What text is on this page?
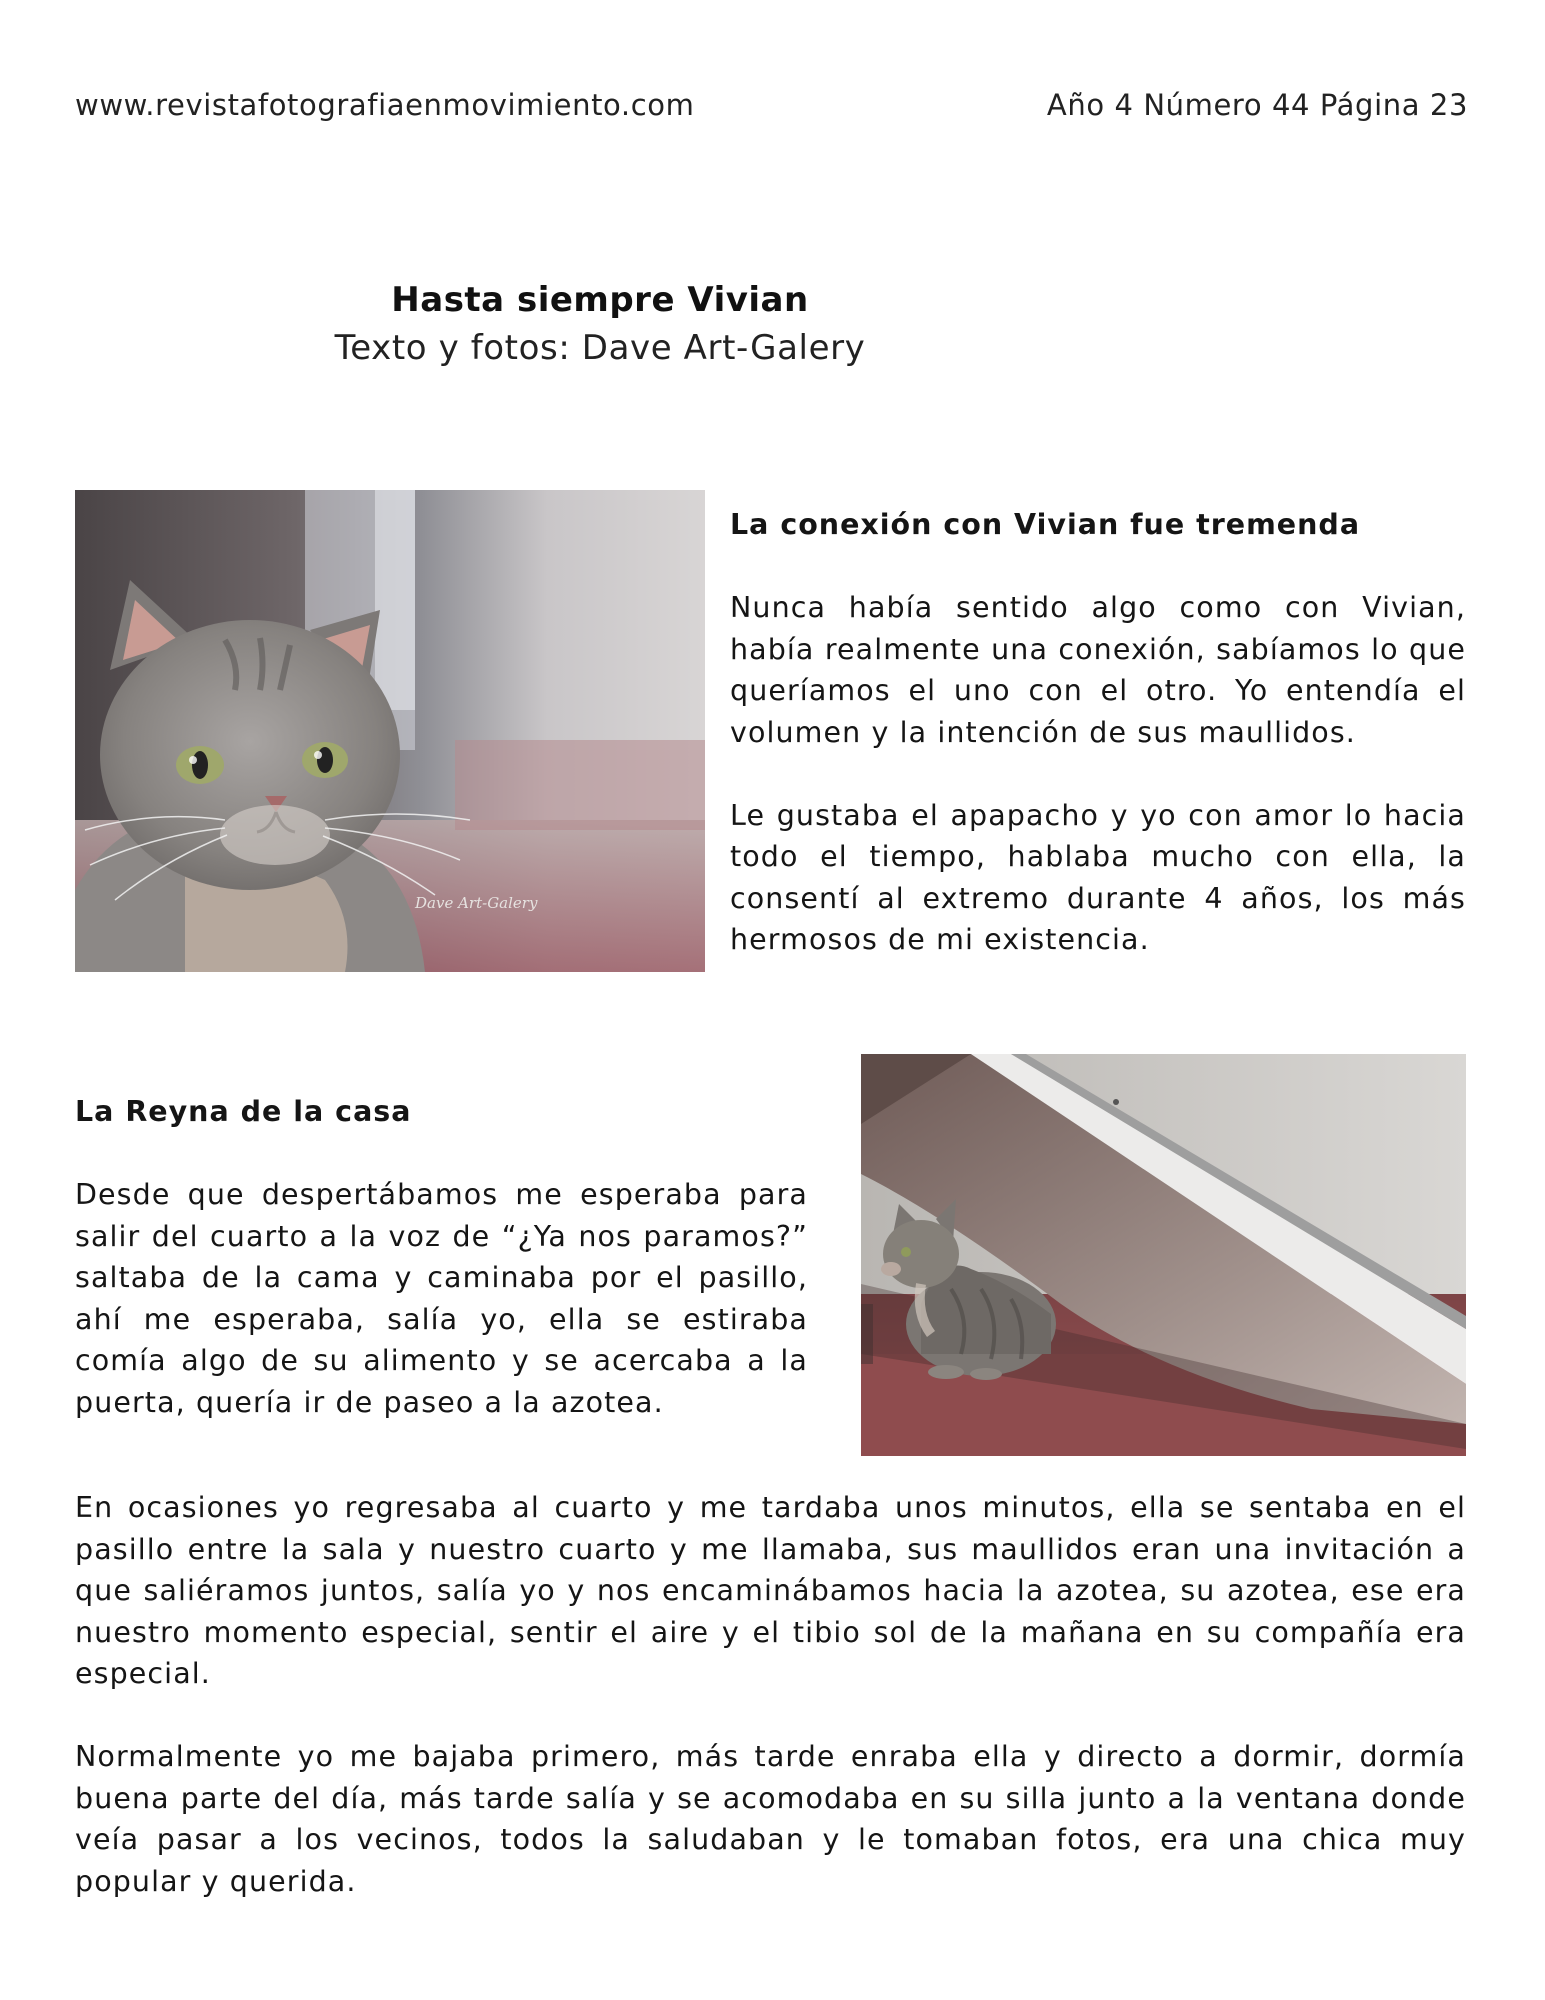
www.revistafotografiaenmovimiento.com	Año 4 Número 44 Página 23
Hasta siempre Vivian

Texto y fotos: Dave Art-Galery

Dave Art-Galery

La conexión con Vivian fue tremenda

Nunca había sentido algo como con Vivian, había realmente una conexión, sabíamos lo que queríamos el uno con el otro. Yo entendía el volumen y la intención de sus maullidos.

Le gustaba el apapacho y yo con amor lo hacia todo el tiempo, hablaba mucho con ella, la consentí al extremo durante 4 años, los más hermosos de mi existencia.

La Reyna de la casa

Desde que despertábamos me esperaba para salir del cuarto a la voz de “¿Ya nos paramos?” saltaba de la cama y caminaba por el pasillo, ahí me esperaba, salía yo, ella se estiraba comía algo de su alimento y se acercaba a la puerta, quería ir de paseo a la azotea.

En ocasiones yo regresaba al cuarto y me tardaba unos minutos, ella se sentaba en el pasillo entre la sala y nuestro cuarto y me llamaba, sus maullidos eran una invitación a que saliéramos juntos, salía yo y nos encaminábamos hacia la azotea, su azotea, ese era nuestro momento especial, sentir el aire y el tibio sol de la mañana en su compañía era especial.

Normalmente yo me bajaba primero, más tarde enraba ella y directo a dormir, dormía buena parte del día, más tarde salía y se acomodaba en su silla junto a la ventana donde veía pasar a los vecinos, todos la saludaban y le tomaban fotos, era una chica muy popular y querida.
